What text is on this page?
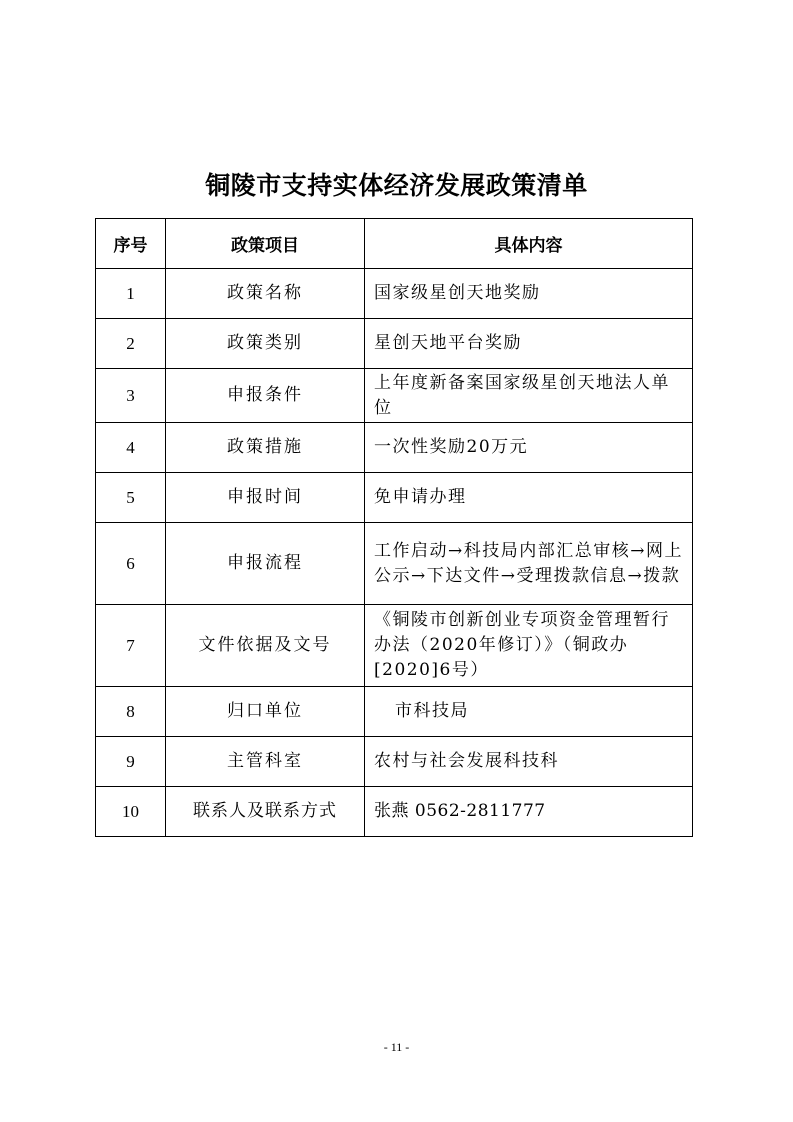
铜陵市支持实体经济发展政策清单
序号	政策项目	具体内容
1	政策名称	国家级星创天地奖励
2	政策类别	星创天地平台奖励
3	申报条件	上年度新备案国家级星创天地法人单位
4	政策措施	一次性奖励20万元
5	申报时间	免申请办理
6	申报流程	工作启动→科技局内部汇总审核→网上公示→下达文件→受理拨款信息→拨款
7	文件依据及文号	《铜陵市创新创业专项资金管理暂行办法（2020年修订）》（铜政办[2020]6号）
8	归口单位	市科技局
9	主管科室	农村与社会发展科技科
10	联系人及联系方式	张燕 0562-2811777
- 11 -
